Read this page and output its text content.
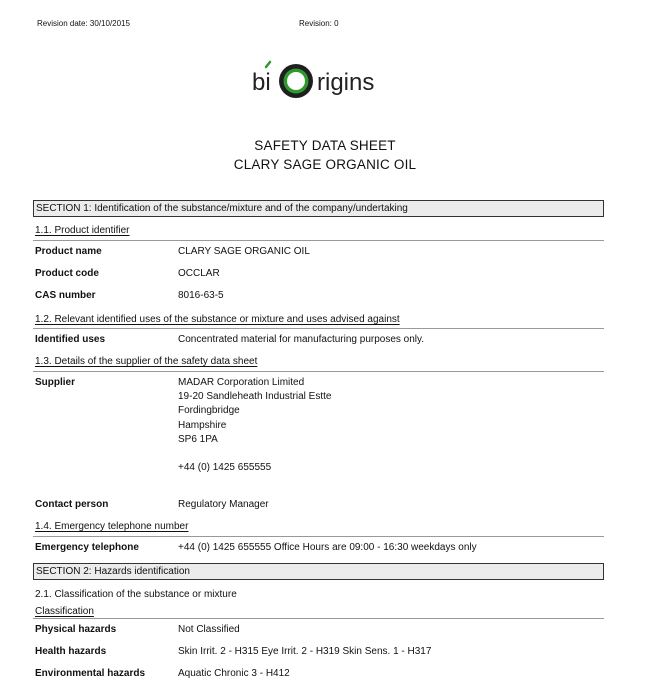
Revision date: 30/10/2015	Revision: 0
bi rigins
SAFETY DATA SHEET
CLARY SAGE ORGANIC OIL
SECTION 1: Identification of the substance/mixture and of the company/undertaking
1.1. Product identifier
Product name	CLARY SAGE ORGANIC OIL
Product code	OCCLAR
CAS number	8016-63-5
1.2. Relevant identified uses of the substance or mixture and uses advised against
Identified uses	Concentrated material for manufacturing purposes only.
1.3. Details of the supplier of the safety data sheet
Supplier	MADAR Corporation Limited
19-20 Sandleheath Industrial Estte
Fordingbridge
Hampshire
SP6 1PA
+44 (0) 1425 655555
Contact person	Regulatory Manager
1.4. Emergency telephone number
Emergency telephone	+44 (0) 1425 655555 Office Hours are 09:00 - 16:30 weekdays only
SECTION 2: Hazards identification
2.1. Classification of the substance or mixture
Classification
Physical hazards	Not Classified
Health hazards	Skin Irrit. 2 - H315 Eye Irrit. 2 - H319 Skin Sens. 1 - H317
Environmental hazards	Aquatic Chronic 3 - H412
